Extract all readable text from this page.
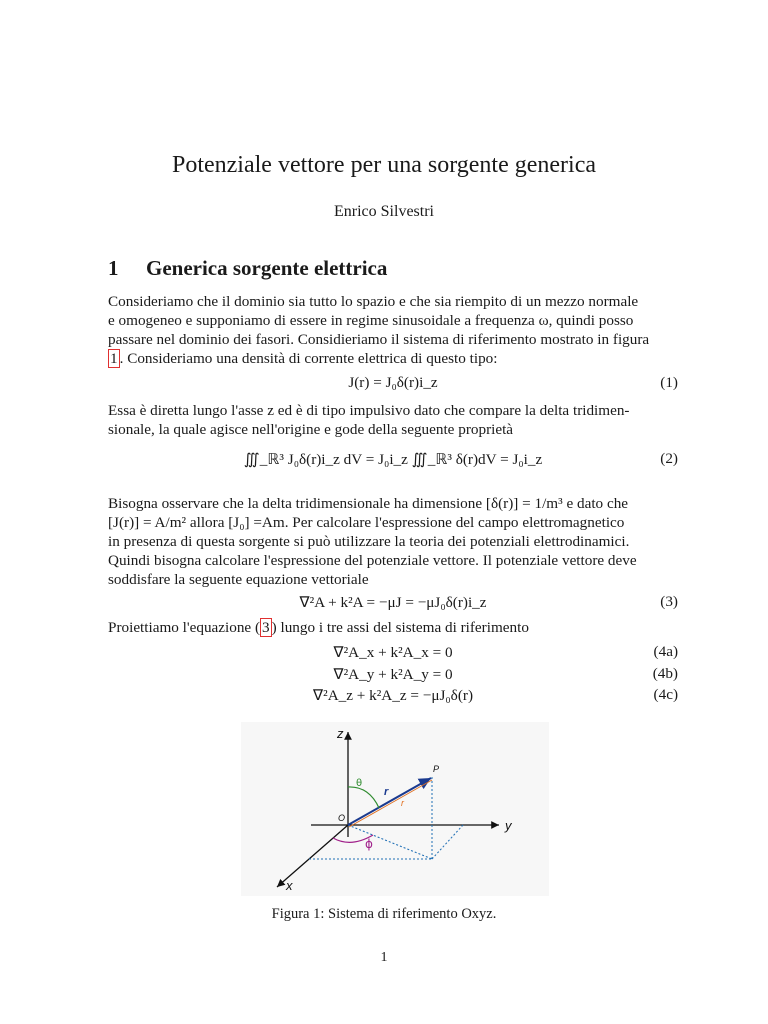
Potenziale vettore per una sorgente generica
Enrico Silvestri
1 Generica sorgente elettrica
Consideriamo che il dominio sia tutto lo spazio e che sia riempito di un mezzo normale
e omogeneo e supponiamo di essere in regime sinusoidale a frequenza ω, quindi posso
passare nel dominio dei fasori. Considieriamo il sistema di riferimento mostrato in figura
1 . Consideriamo una densità di corrente elettrica di questo tipo:
J(r) = J₀δ(r)i_z	(1)
Essa è diretta lungo l'asse z ed è di tipo impulsivo dato che compare la delta tridimen-
sionale, la quale agisce nell'origine e gode della seguente proprietà
∭_ℝ³ J₀δ(r)i_z dV = J₀i_z ∭_ℝ³ δ(r)dV = J₀i_z	(2)
Bisogna osservare che la delta tridimensionale ha dimensione [δ(r)] = 1/m³ e dato che
[J(r)] = A/m² allora [J₀] =Am. Per calcolare l'espressione del campo elettromagnetico
in presenza di questa sorgente si può utilizzare la teoria dei potenziali elettrodinamici.
Quindi bisogna calcolare l'espressione del potenziale vettore. Il potenziale vettore deve
soddisfare la seguente equazione vettoriale
∇²A + k²A = −μJ = −μJ₀δ(r)i_z	(3)
Proiettiamo l'equazione ( 3 ) lungo i tre assi del sistema di riferimento
∇²A_x + k²A_x = 0	(4a)
∇²A_y + k²A_y = 0	(4b)
∇²A_z + k²A_z = −μJ₀δ(r)	(4c)
z
y
x
O
P
θ
ϕ
r
r
Figura 1: Sistema di riferimento Oxyz.
1
